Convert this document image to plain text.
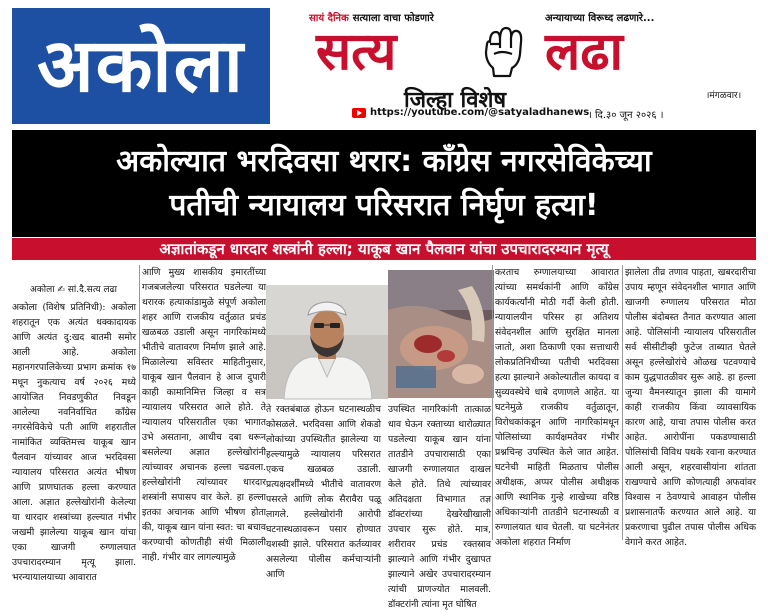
अकोला
सायं दैनिक सत्याला वाचा फोडणारे	अन्यायाच्या विरूध्द लढणारे...
सत्य	लढा
जिल्हा विशेष	।मंगळवार।
https://youtube.com/@satyaladhanews
। दि.३० जून २०२६ ।
अकोल्यात भरदिवसा थरार: कॉंग्रेस नगरसेविकेच्या
पतीची न्यायालय परिसरात निर्घृण हत्या!
अज्ञातांकडून धारदार शस्त्रांनी हल्ला; याकूब खान पैलवान यांचा उपचारादरम्यान मृत्यू
अकोला ✍ सां.दै.सत्य लढा
अकोला (विशेष प्रतिनिधी): अकोला शहरातून एक अत्यंत धक्कादायक आणि अत्यंत दु:खद बातमी समोर आली आहे. अकोला महानगरपालिकेच्या प्रभाग क्रमांक १७ मधून नुकत्याच वर्ष २०२६ मध्ये आयोजित निवडणुकीत निवडून आलेल्या नवनिर्वाचित कॉंग्रेस नगरसेविकेचे पती आणि शहरातील नामांकित व्यक्तिमत्त्व याकूब खान पैलवान यांच्यावर आज भरदिवसा न्यायालय परिसरात अत्यंत भीषण आणि प्राणघातक हल्ला करण्यात आला. अज्ञात हल्लेखोरांनी केलेल्या या धारदार शस्त्रांच्या हल्ल्यात गंभीर जखमी झालेल्या याकूब खान यांचा एका खाजगी रुग्णालयात उपचारादरम्यान मृत्यू झाला. भरन्यायालयाच्या आवारात
आणि मुख्य शासकीय इमारतींच्या गजबजलेल्या परिसरात घडलेल्या या थरारक हत्याकांडामुळे संपूर्ण अकोला शहर आणि राजकीय वर्तुळात प्रचंड खळबळ उडाली असून नागरिकांमध्ये भीतीचे वातावरण निर्माण झाले आहे. मिळालेल्या सविस्तर माहितीनुसार, याकूब खान पैलवान हे आज दुपारी काही कामानिमित्त जिल्हा व सत्र न्यायालय परिसरात आले होते. ते न्यायालय परिसरातील एका भागात उभे असताना, आधीच दबा धरून बसलेल्या अज्ञात हल्लेखोरांनी त्यांच्यावर अचानक हल्ला चढवला. हल्लेखोरांनी त्यांच्यावर धारदार शस्त्रांनी सपासप वार केले. हा हल्ला इतका अचानक आणि भीषण होता की, याकूब खान यांना स्वत: चा बचाव करण्याची कोणतीही संधी मिळाली नाही. गंभीर वार लागल्यामुळे
ते रक्तबंबाळ होऊन घटनास्थळीच कोसळले. भरदिवसा आणि शेकडो लोकांच्या उपस्थितीत झालेल्या या हल्ल्यामुळे न्यायालय परिसरात एकच खळबळ उडाली. प्रत्यक्षदर्शींमध्ये भीतीचे वातावरण पसरले आणि लोक सैरावैरा पळू लागले. हल्लेखोरांनी आरोपी घटनास्थळावरून पसार होण्यात यशस्वी झाले. परिसरात कर्तव्यावर असलेल्या पोलीस कर्मचाऱ्यांनी आणि
उपस्थित नागरिकांनी तात्काळ धाव घेऊन रक्ताच्या थारोळ्यात पडलेल्या याकूब खान यांना तातडीने उपचारासाठी एका खाजगी रुग्णालयात दाखल केले होते. तिथे त्यांच्यावर अतिदक्षता विभागात तज्ञ डॉक्टरांच्या देखरेखीखाली उपचार सुरू होते. मात्र, शरीरावर प्रचंड रक्तस्राव झाल्याने आणि गंभीर दुखापत झाल्याने अखेर उपचारादरम्यान त्यांची प्राणज्योत मालवली. डॉक्टरांनी त्यांना मृत घोषित
करताच रुग्णालयाच्या आवारात त्यांच्या समर्थकांनी आणि कॉंग्रेस कार्यकर्त्यांनी मोठी गर्दी केली होती. न्यायालयीन परिसर हा अतिशय संवेदनशील आणि सुरक्षित मानला जातो, अशा ठिकाणी एका सत्ताधारी लोकप्रतिनिधीच्या पतीची भरदिवसा हत्या झाल्याने अकोल्यातील कायदा व सुव्यवस्थेचे धाबे दणाणले आहेत. या घटनेमुळे राजकीय वर्तुळातून, विरोधकांकडून आणि नागरिकांमधून पोलिसांच्या कार्यक्षमतेवर गंभीर प्रश्नचिन्ह उपस्थित केले जात आहेत. घटनेची माहिती मिळताच पोलीस अधीक्षक, अप्पर पोलीस अधीक्षक आणि स्थानिक गुन्हे शाखेच्या वरिष्ठ अधिकाऱ्यांनी तातडीने घटनास्थळी व रुग्णालयात धाव घेतली. या घटनेनंतर अकोला शहरात निर्माण
झालेला तीव्र तणाव पाहता, खबरदारीचा उपाय म्हणून संवेदनशील भागात आणि खाजगी रुग्णालय परिसरात मोठा पोलीस बंदोबस्त तैनात करण्यात आला आहे. पोलिसांनी न्यायालय परिसरातील सर्व सीसीटीव्ही फुटेज ताब्यात घेतले असून हल्लेखोरांचे ओळख पटवण्याचे काम युद्धपातळीवर सुरू आहे. हा हल्ला जुन्या वैमनस्यातून झाला की यामागे काही राजकीय किंवा व्यावसायिक कारण आहे, याचा तपास पोलीस करत आहेत. आरोपींना पकडण्यासाठी पोलिसांची विविध पथके रवाना करण्यात आली असून, शहरवासीयांना शांतता राखण्याचे आणि कोणत्याही अफवांवर विश्वास न ठेवण्याचे आवाहन पोलीस प्रशासनातर्फे करण्यात आले आहे. या प्रकरणाचा पुढील तपास पोलीस अधिक वेगाने करत आहेत.
